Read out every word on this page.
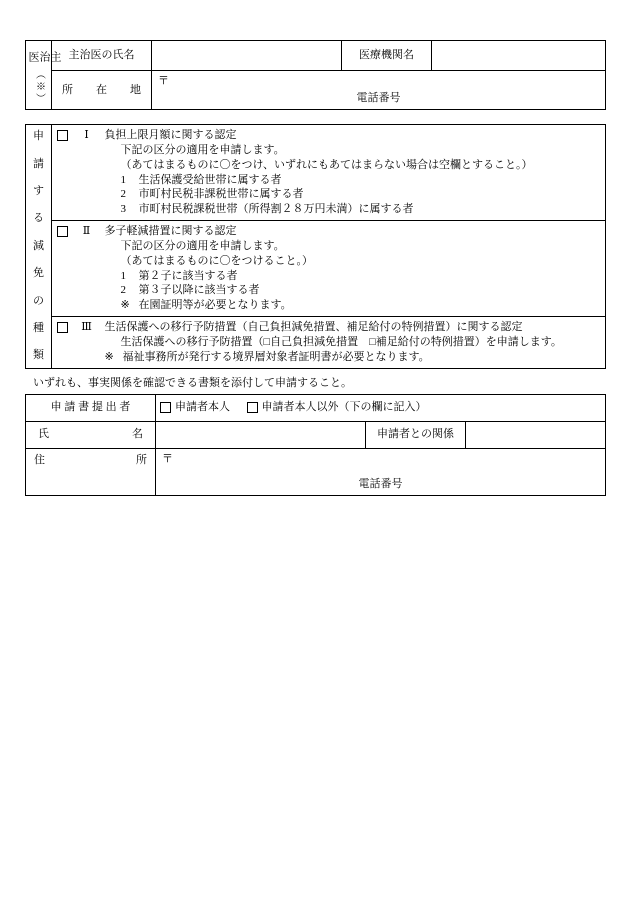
主治医
（※）	主治医の氏名		医療機関名		

所 在 地

〒
電話番号

申
請
す
る
減
免
の
種
類
		Ⅰ	負担上限月額に関する認定

下記の区分の適用を申請します。

（あてはまるものに〇をつけ、いずれにもあてはまらない場合は空欄とすること。）

1 生活保護受給世帯に属する者

2 市町村民税非課税世帯に属する者

3 市町村民税課税世帯（所得割２８万円未満）に属する者

	Ⅱ	多子軽減措置に関する認定

下記の区分の適用を申請します。

（あてはまるものに〇をつけること。）

1 第２子に該当する者

2 第３子以降に該当する者

※ 在園証明等が必要となります。

		Ⅲ	生活保護への移行予防措置（自己負担減免措置、補足給付の特例措置）に関する認定

生活保護への移行予防措置（□自己負担減免措置　□補足給付の特例措置）を申請します。

※ 福祉事務所が発行する境界層対象者証明書が必要となります。

いずれも、事実関係を確認できる書類を添付して申請すること。

申 請 書 提 出 者	申請者本人 申請者本人以外（下の欄に記入）		

氏 名		申請者との関係	

住	所	〒
電話番号
